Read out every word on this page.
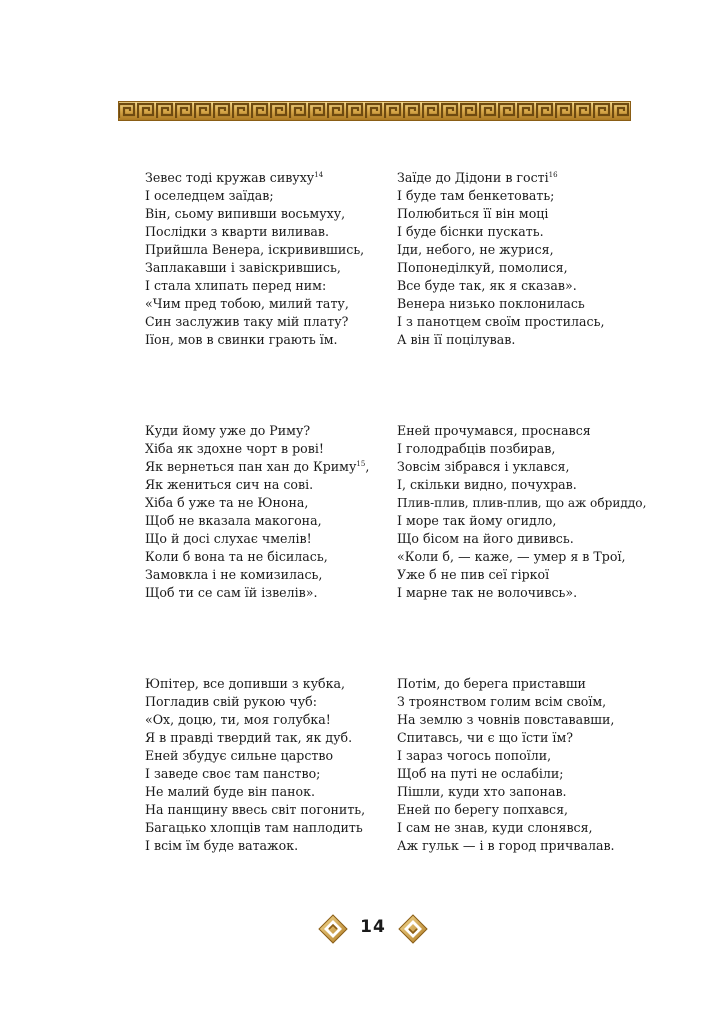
Зевес тоді кружав сивуху$^{14}$
І оселедцем зaїдав;
Він, сьому випивши восьмуху,
Послідки з кварти виливав.
Прийшла Венера, іскривившись,
Заплакавши і завіскрившись,
І стала хлипать перед ним:
«Чим пред тобою, милий тату,
Син заслужив таку мій плату?
Іїон, мов в свинки грають їм.
Заїде до Дідони в гості$^{16}$
І буде там бенкетовать;
Полюбиться її він моці
І буде біснки пускать.
Іди, небого, не журися,
Попонеділкуй, помолися,
Все буде так, як я сказав».
Венера низько поклонилась
І з панотцем своїм простилась,
А він її поцілував.
Куди йому уже до Риму?
Хіба як здохне чорт в рові!
Як вернеться пан хан до Криму$^{15}$,
Як жениться сич на сові.
Хіба б уже та не Юнона,
Щоб не вказала макогона,
Що й досі слухає чмелів!
Коли б вона та не бісилась,
Замовкла і не комизилась,
Щоб ти се сам їй ізвелів».
Еней прочумався, проснався
І голодрабців позбирав,
Зовсім зібрався і уклався,
І, скільки видно, почухрав.
Плив-плив, плив-плив, що аж обриддо,
І море так йому огидло,
Що бісом на його дививсь.
«Коли б, — каже, — умер я в Трої,
Уже б не пив сеї гіркої
І марне так не волочивсь».
Юпітер, все допивши з кубка,
Погладив свій рукою чуб:
«Ох, доцю, ти, моя голубка!
Я в правді твердий так, як дуб.
Еней збудує сильне царство
І заведе своє там панство;
Не малий буде він панок.
На панщину ввесь світ погонить,
Багацько хлопців там наплодить
І всім їм буде ватажок.
Потім, до берега приставши
З троянством голим всім своїм,
На землю з човнів повстававши,
Спитавсь, чи є що їсти їм?
І зараз чогось попоїли,
Щоб на путі не ослабіли;
Пішли, куди хто запонав.
Еней по берегу попхався,
І сам не знав, куди слонявся,
Аж гульк — і в город причвалав.
14
